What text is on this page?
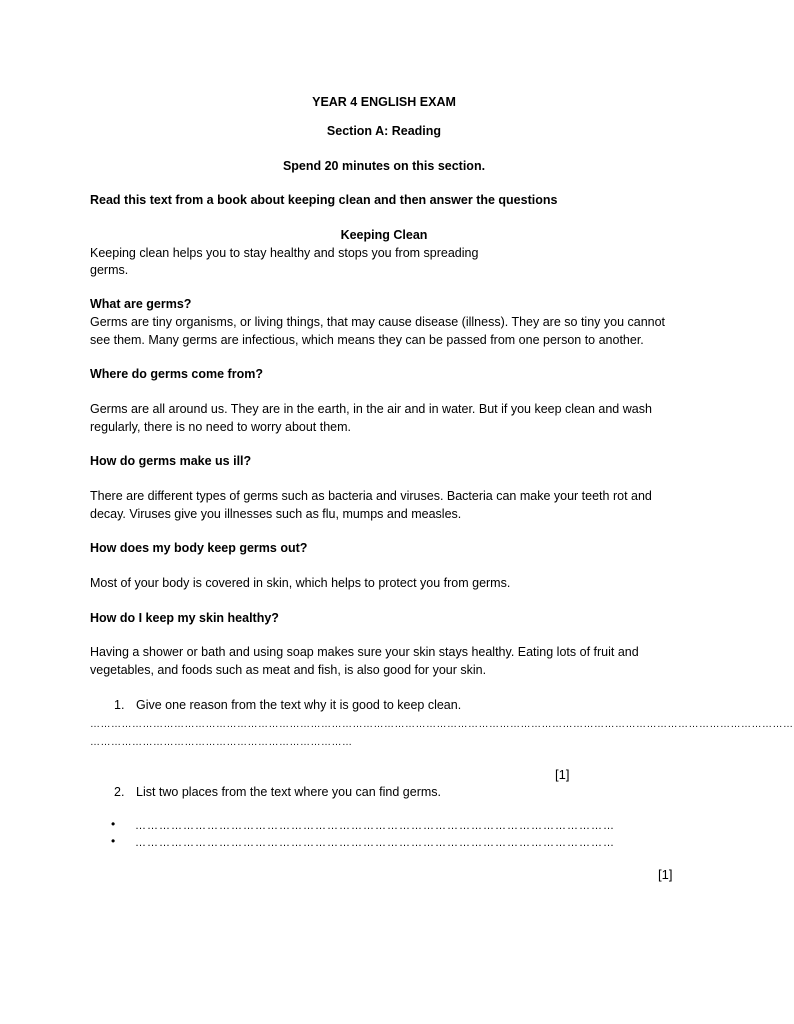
YEAR 4 ENGLISH EXAM

Section A: Reading

Spend 20 minutes on this section.

Read this text from a book about keeping clean and then answer the questions

Keeping Clean

Keeping clean helps you to stay healthy and stops you from spreading

germs.

What are germs?

Germs are tiny organisms, or living things, that may cause disease (illness). They are so tiny you cannot see them. Many germs are infectious, which means they can be passed from one person to another.

Where do germs come from?

Germs are all around us. They are in the earth, in the air and in water. But if you keep clean and wash regularly, there is no need to worry about them.

How do germs make us ill?

There are different types of germs such as bacteria and viruses. Bacteria can make your teeth rot and decay. Viruses give you illnesses such as flu, mumps and measles.

How does my body keep germs out?

Most of your body is covered in skin, which helps to protect you from germs.

How do I keep my skin healthy?

Having a shower or bath and using soap makes sure your skin stays healthy. Eating lots of fruit and vegetables, and foods such as meat and fish, is also good for your skin.

1. Give one reason from the text why it is good to keep clean.

…………………………………………………………………………………………………………………………………………………………………………………

…………………………………………………………………

[1]

2. List two places from the text where you can find germs.

• …………………………………………………………………………………………………………

• …………………………………………………………………………………………………………

[1]
